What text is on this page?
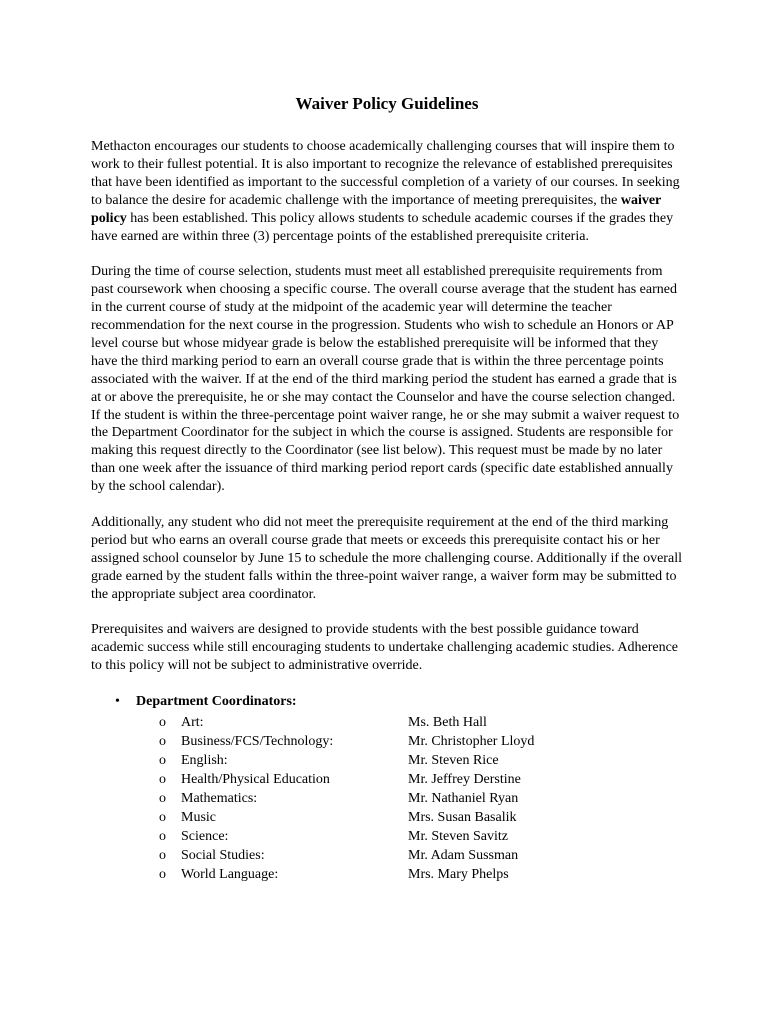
Waiver Policy Guidelines

Methacton encourages our students to choose academically challenging courses that will inspire them to work to their fullest potential. It is also important to recognize the relevance of established prerequisites that have been identified as important to the successful completion of a variety of our courses. In seeking to balance the desire for academic challenge with the importance of meeting prerequisites, the waiver policy has been established. This policy allows students to schedule academic courses if the grades they have earned are within three (3) percentage points of the established prerequisite criteria.

During the time of course selection, students must meet all established prerequisite requirements from past coursework when choosing a specific course. The overall course average that the student has earned in the current course of study at the midpoint of the academic year will determine the teacher recommendation for the next course in the progression. Students who wish to schedule an Honors or AP level course but whose midyear grade is below the established prerequisite will be informed that they have the third marking period to earn an overall course grade that is within the three percentage points associated with the waiver. If at the end of the third marking period the student has earned a grade that is at or above the prerequisite, he or she may contact the Counselor and have the course selection changed. If the student is within the three-percentage point waiver range, he or she may submit a waiver request to the Department Coordinator for the subject in which the course is assigned. Students are responsible for making this request directly to the Coordinator (see list below). This request must be made by no later than one week after the issuance of third marking period report cards (specific date established annually by the school calendar).

Additionally, any student who did not meet the prerequisite requirement at the end of the third marking period but who earns an overall course grade that meets or exceeds this prerequisite contact his or her assigned school counselor by June 15 to schedule the more challenging course. Additionally if the overall grade earned by the student falls within the three-point waiver range, a waiver form may be submitted to the appropriate subject area coordinator.

Prerequisites and waivers are designed to provide students with the best possible guidance toward academic success while still encouraging students to undertake challenging academic studies. Adherence to this policy will not be subject to administrative override.

• Department Coordinators:
o Art:	Ms. Beth Hall
o Business/FCS/Technology:	Mr. Christopher Lloyd
o English:	Mr. Steven Rice
o Health/Physical Education	Mr. Jeffrey Derstine
o Mathematics:	Mr. Nathaniel Ryan
o Music	Mrs. Susan Basalik
o Science:	Mr. Steven Savitz
o Social Studies:	Mr. Adam Sussman
o World Language:	Mrs. Mary Phelps
